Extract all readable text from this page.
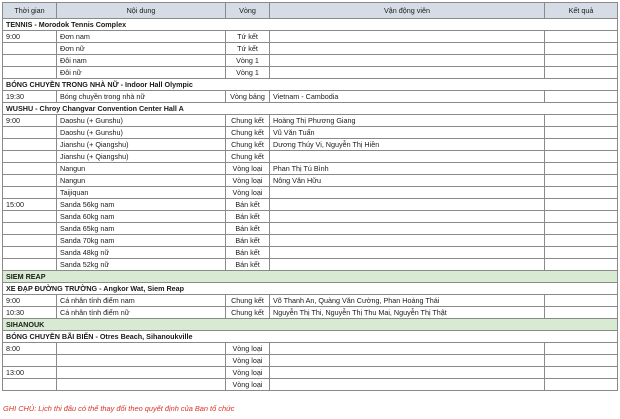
Thời gian	Nội dung	Vòng	Vận động viên	Kết quả
TENNIS - Morodok Tennis Complex				
9:00	Đơn nam	Tứ kết		
	Đơn nữ	Tứ kết		
	Đôi nam	Vòng 1		
	Đôi nữ	Vòng 1		
BÓNG CHUYỀN TRONG NHÀ NỮ - Indoor Hall Olympic				
19:30	Bóng chuyền trong nhà nữ	Vòng bảng	Vietnam - Cambodia	
WUSHU - Chroy Changvar Convention Center Hall A				
9:00	Daoshu (+ Gunshu)	Chung kết	Hoàng Thị Phương Giang	
	Daoshu (+ Gunshu)	Chung kết	Vũ Văn Tuấn	
	Jianshu (+ Qiangshu)	Chung kết	Dương Thúy Vi, Nguyễn Thị Hiền	
	Jianshu (+ Qiangshu)	Chung kết		
	Nangun	Vòng loại	Phan Thị Tú Bình	
	Nangun	Vòng loại	Nông Văn Hữu	
	Taijiquan	Vòng loại		
15:00	Sanda 56kg nam	Bán kết		
	Sanda 60kg nam	Bán kết		
	Sanda 65kg nam	Bán kết		
	Sanda 70kg nam	Bán kết		
	Sanda 48kg nữ	Bán kết		
	Sanda 52kg nữ	Bán kết		
SIEM REAP				
XE ĐẠP ĐƯỜNG TRƯỜNG - Angkor Wat, Siem Reap				
9:00	Cá nhân tính điểm nam	Chung kết	Võ Thanh An, Quàng Văn Cường, Phan Hoàng Thái	
10:30	Cá nhân tính điểm nữ	Chung kết	Nguyễn Thị Thi, Nguyễn Thị Thu Mai, Nguyễn Thị Thật	
SIHANOUK				
BÓNG CHUYỀN BÃI BIỂN - Otres Beach, Sihanoukville				
8:00		Vòng loại		
		Vòng loại		
13:00		Vòng loại		
		Vòng loại		
GHI CHÚ: Lịch thi đấu có thể thay đổi theo quyết định của Ban tổ chức
